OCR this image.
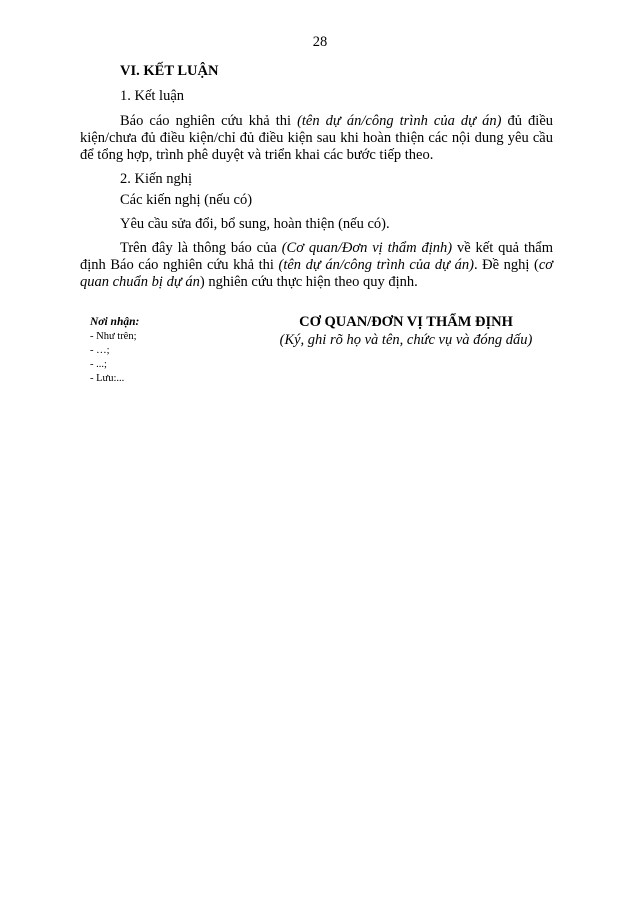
28
VI. KẾT LUẬN
1. Kết luận
Báo cáo nghiên cứu khả thi (tên dự án/công trình của dự án) đủ điều kiện/chưa đủ điều kiện/chỉ đủ điều kiện sau khi hoàn thiện các nội dung yêu cầu để tổng hợp, trình phê duyệt và triển khai các bước tiếp theo.
2. Kiến nghị
Các kiến nghị (nếu có)
Yêu cầu sửa đổi, bổ sung, hoàn thiện (nếu có).
Trên đây là thông báo của (Cơ quan/Đơn vị thẩm định) về kết quả thẩm định Báo cáo nghiên cứu khả thi (tên dự án/công trình của dự án). Đề nghị (cơ quan chuẩn bị dự án) nghiên cứu thực hiện theo quy định.
Nơi nhận:
- Như trên;
- …;
- ...;
- Lưu:...
CƠ QUAN/ĐƠN VỊ THẨM ĐỊNH
(Ký, ghi rõ họ và tên, chức vụ và đóng dấu)
